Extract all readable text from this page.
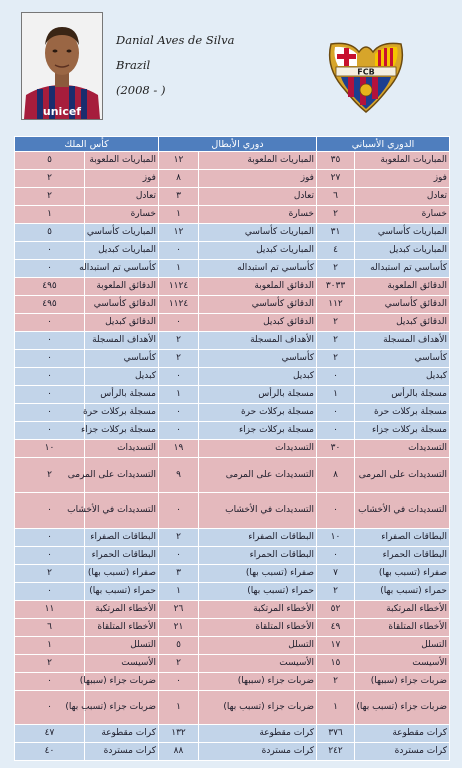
unicef
Danial Aves de Silva
Brazil
(2008 - )
FCB
كأس الملك		دوري الأبطال		الدوري الأسباني	
٥	المباريات الملعوبة	١٢	المباريات الملعوبة	٣٥	المباريات الملعوبة
٢	فوز	٨	فوز	٢٧	فوز
٢	تعادل	٣	تعادل	٦	تعادل
١	خسارة	١	خسارة	٢	خسارة
٥	المباريات كأساسي	١٢	المباريات كأساسي	٣١	المباريات كأساسي
٠	المباريات كبديل	٠	المباريات كبديل	٤	المباريات كبديل
٠	كأساسي تم استبداله	١	كأساسي تم استبداله	٢	كأساسي تم استبداله
٤٩٥	الدقائق الملعوبة	١١٢٤	الدقائق الملعوبة	٣٠٣٣	الدقائق الملعوبة
٤٩٥	الدقائق كأساسي	١١٢٤	الدقائق كأساسي	١١٢	الدقائق كأساسي
٠	الدقائق كبديل	٠	الدقائق كبديل	٢	الدقائق كبديل
٠	الأهداف المسجلة	٢	الأهداف المسجلة	٢	الأهداف المسجلة
٠	كأساسي	٢	كأساسي	٢	كأساسي
٠	كبديل	٠	كبديل	٠	كبديل
٠	مسجلة بالرأس	١	مسجلة بالرأس	١	مسجلة بالرأس
٠	مسجلة بركلات حرة	٠	مسجلة بركلات حرة	٠	مسجلة بركلات حرة
٠	مسجلة بركلات جزاء	٠	مسجلة بركلات جزاء	٠	مسجلة بركلات جزاء
١٠	التسديدات	١٩	التسديدات	٣٠	التسديدات
٢	التسديدات على المرمى	٩	التسديدات على المرمى	٨	التسديدات على المرمى
٠	التسديدات في الأخشاب	٠	التسديدات في الأخشاب	٠	التسديدات في الأخشاب
٠	البطاقات الصفراء	٢	البطاقات الصفراء	١٠	البطاقات الصفراء
٠	البطاقات الحمراء	٠	البطاقات الحمراء	٠	البطاقات الحمراء
٢	صفراء (تسبب بها)	٣	صفراء (تسبب بها)	٧	صفراء (تسبب بها)
٠	حمراء (تسبب بها)	١	حمراء (تسبب بها)	٢	حمراء (تسبب بها)
١١	الأخطاء المرتكبة	٢٦	الأخطاء المرتكبة	٥٢	الأخطاء المرتكبة
٦	الأخطاء المتلقاة	٢١	الأخطاء المتلقاة	٤٩	الأخطاء المتلقاة
١	التسلل	٥	التسلل	١٧	التسلل
٢	الأسيست	٢	الأسيست	١٥	الأسيست
٠	ضربات جزاء (سببها)	٠	ضربات جزاء (سببها)	٢	ضربات جزاء (سببها)
٠	ضربات جزاء (تسبب بها)	١	ضربات جزاء (تسبب بها)	١	ضربات جزاء (تسبب بها)
٤٧	كرات مقطوعة	١٣٢	كرات مقطوعة	٣٧٦	كرات مقطوعة
٤٠	كرات مستردة	٨٨	كرات مستردة	٢٤٢	كرات مستردة
